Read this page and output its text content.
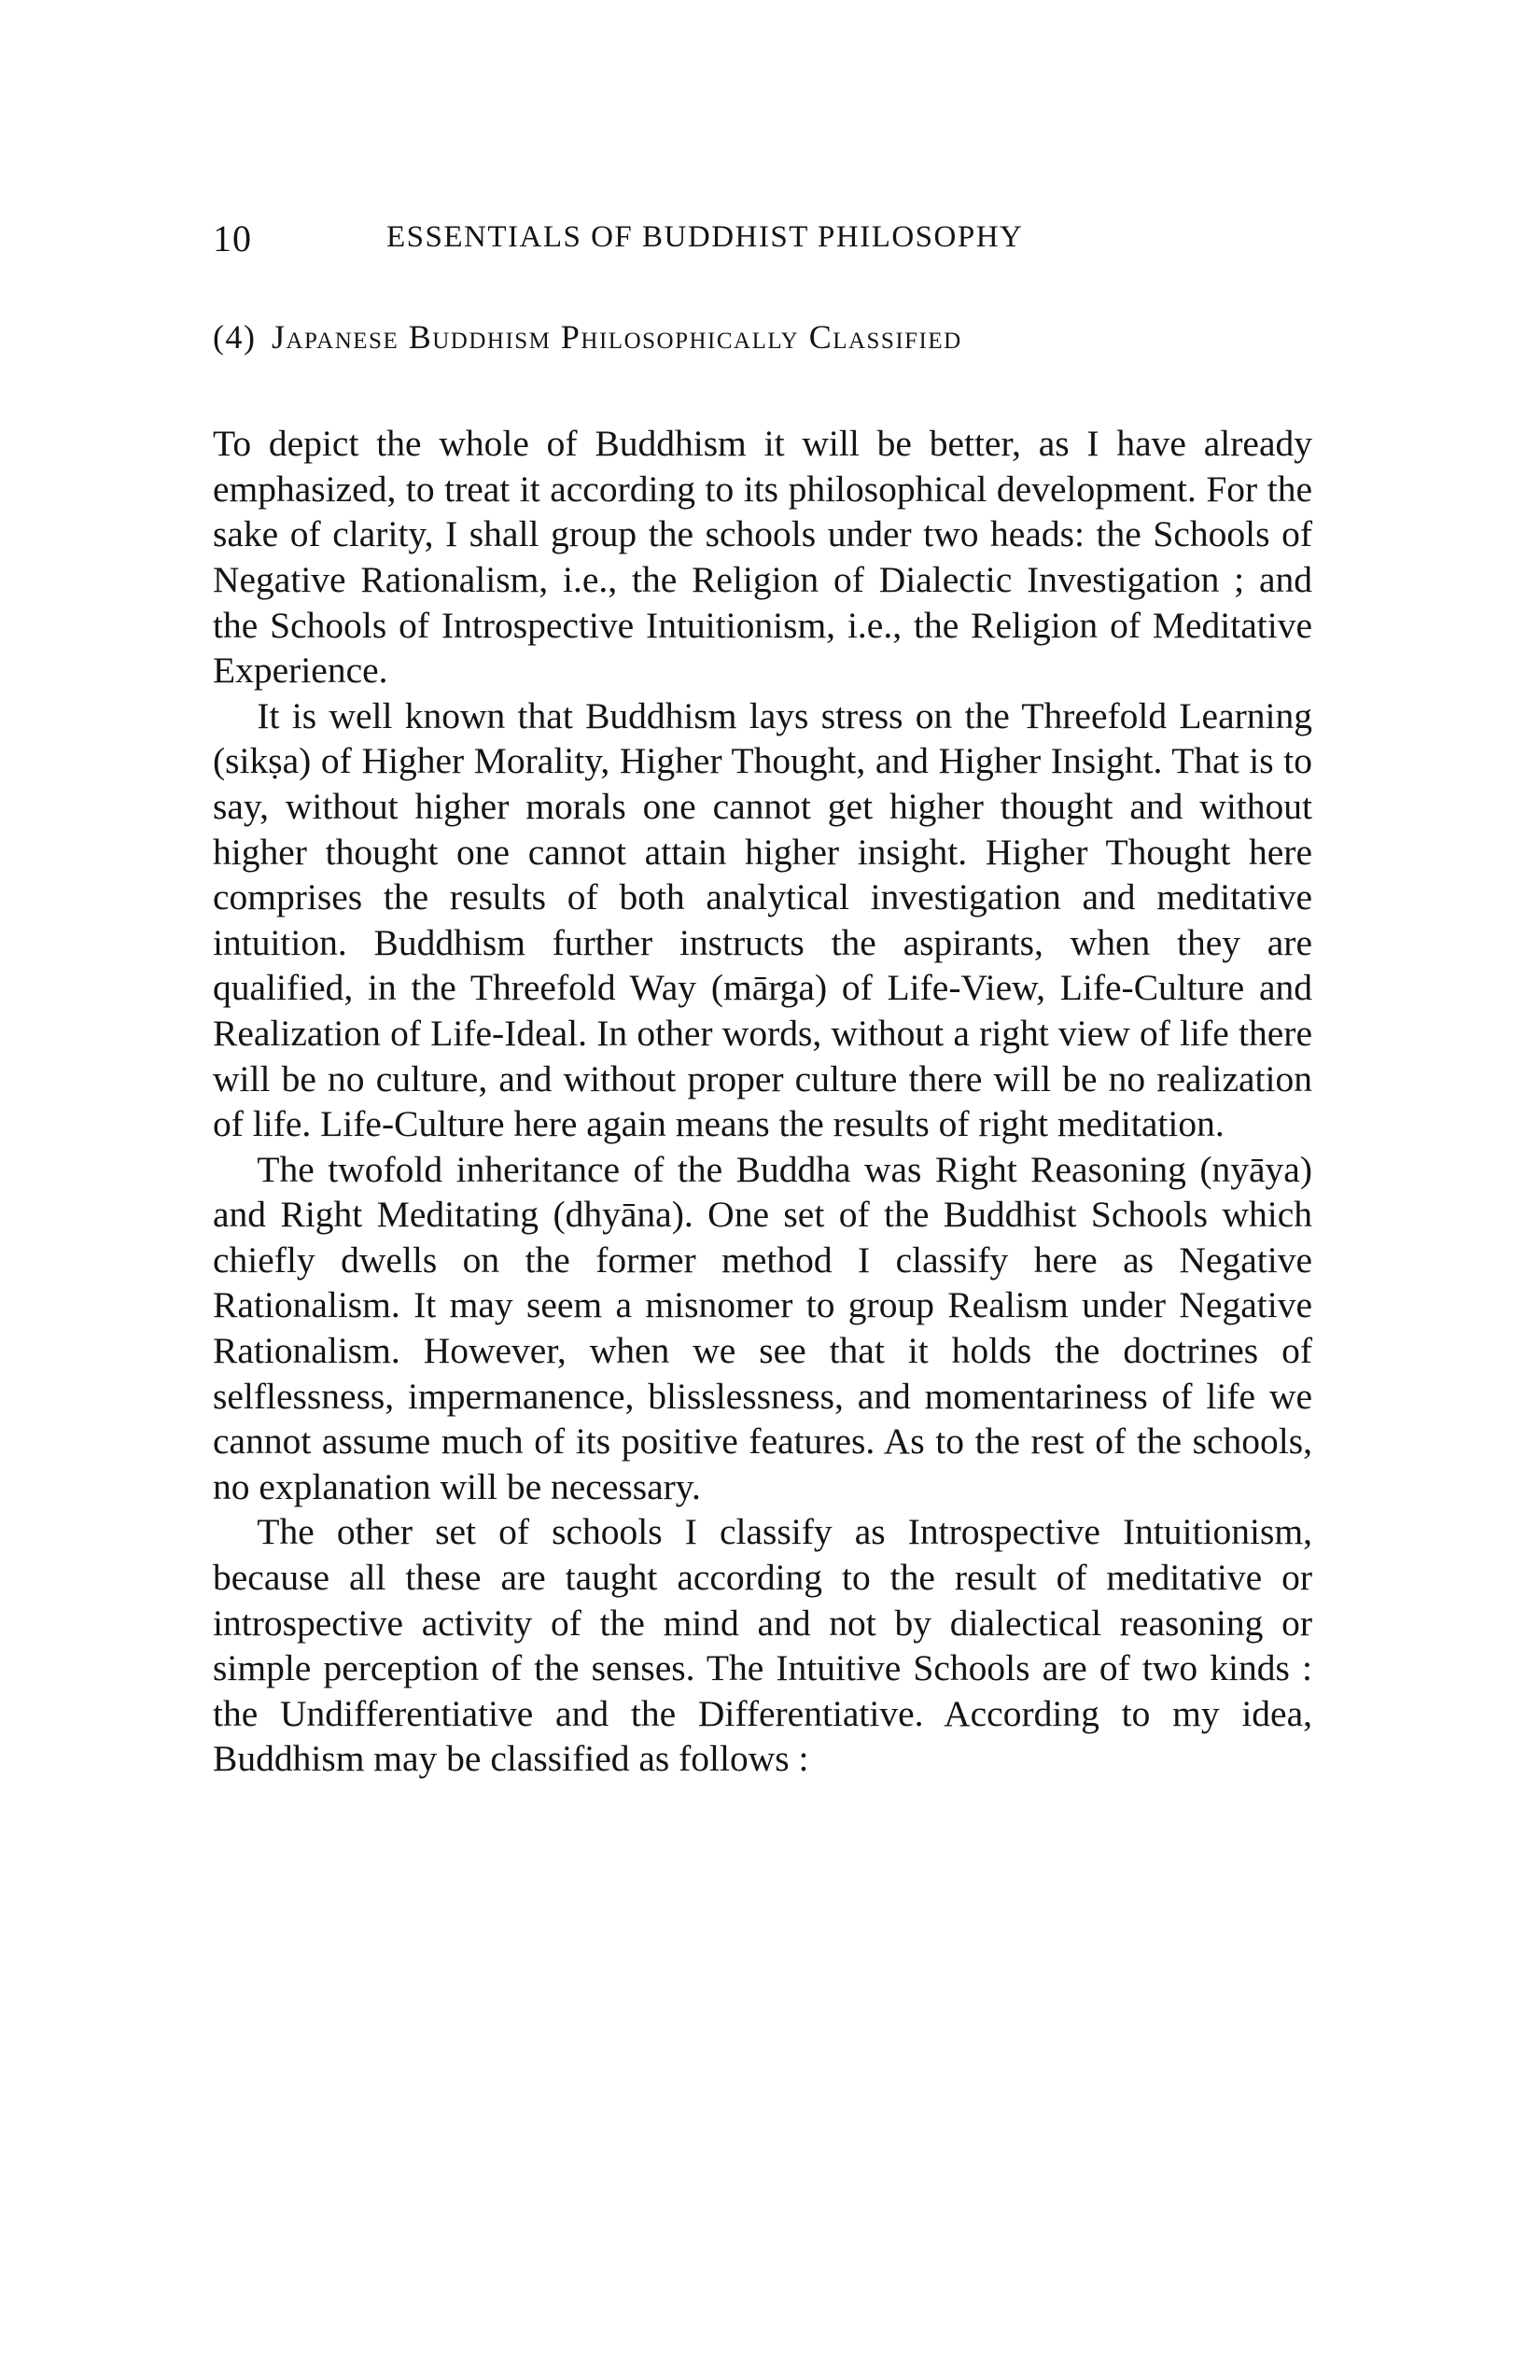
10	ESSENTIALS OF BUDDHIST PHILOSOPHY
(4) Japanese Buddhism Philosophically Classified

To depict the whole of Buddhism it will be better, as I have already emphasized, to treat it according to its philosophical development. For the sake of clarity, I shall group the schools under two heads: the Schools of Negative Rationalism, i.e., the Religion of Dialectic Investigation ; and the Schools of Introspective Intuitionism, i.e., the Religion of Meditative Experience.

It is well known that Buddhism lays stress on the Threefold Learning (sikṣa) of Higher Morality, Higher Thought, and Higher Insight. That is to say, without higher morals one cannot get higher thought and without higher thought one cannot attain higher insight. Higher Thought here comprises the results of both analytical investigation and meditative intuition. Buddhism further instructs the aspirants, when they are qualified, in the Threefold Way (mārga) of Life-View, Life-Culture and Realization of Life-Ideal. In other words, without a right view of life there will be no culture, and without proper culture there will be no realization of life. Life-Culture here again means the results of right meditation.

The twofold inheritance of the Buddha was Right Reasoning (nyāya) and Right Meditating (dhyāna). One set of the Buddhist Schools which chiefly dwells on the former method I classify here as Negative Rationalism. It may seem a misnomer to group Realism under Negative Rationalism. However, when we see that it holds the doctrines of selflessness, impermanence, blisslessness, and momentariness of life we cannot assume much of its positive features. As to the rest of the schools, no explanation will be necessary.

The other set of schools I classify as Introspective Intuitionism, because all these are taught according to the result of meditative or introspective activity of the mind and not by dialectical reasoning or simple perception of the senses. The Intuitive Schools are of two kinds : the Undifferentiative and the Differentiative. According to my idea, Buddhism may be classified as follows :
